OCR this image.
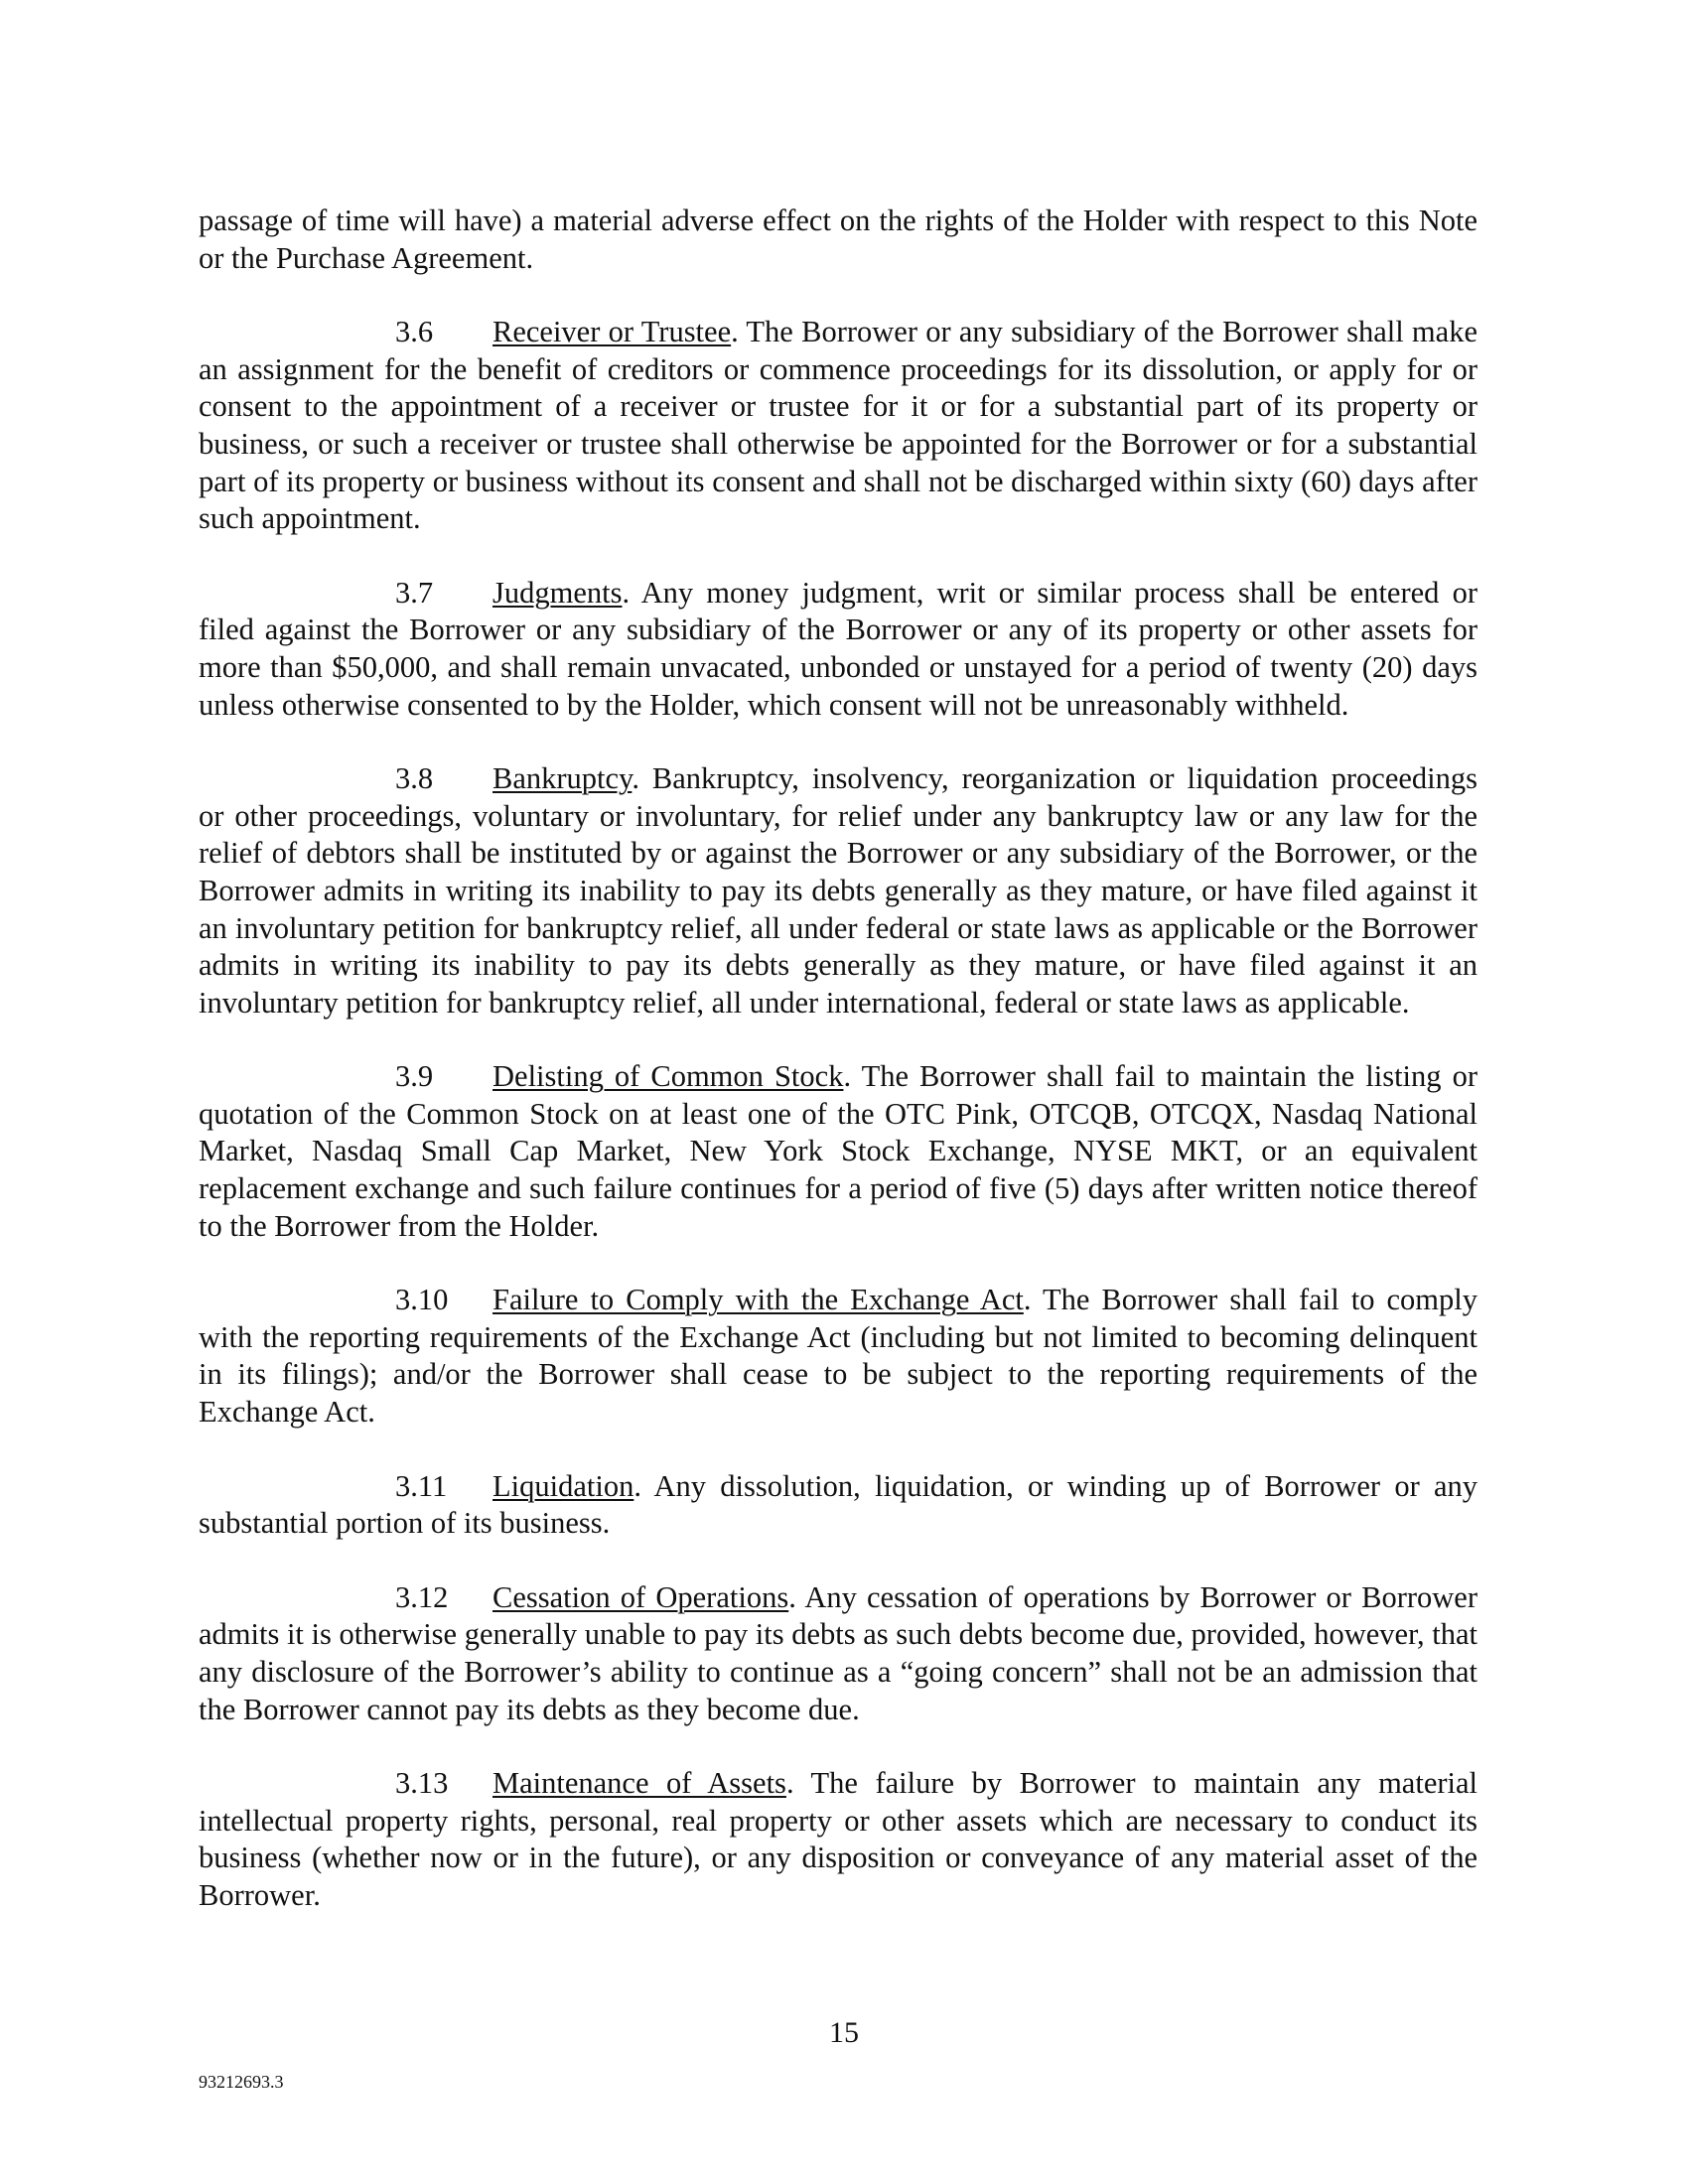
passage of time will have) a material adverse effect on the rights of the Holder with respect to this Note or the Purchase Agreement.

3.6 Receiver or Trustee. The Borrower or any subsidiary of the Borrower shall make an assignment for the benefit of creditors or commence proceedings for its dissolution, or apply for or consent to the appointment of a receiver or trustee for it or for a substantial part of its property or business, or such a receiver or trustee shall otherwise be appointed for the Borrower or for a substantial part of its property or business without its consent and shall not be discharged within sixty (60) days after such appointment.

3.7 Judgments. Any money judgment, writ or similar process shall be entered or filed against the Borrower or any subsidiary of the Borrower or any of its property or other assets for more than $50,000, and shall remain unvacated, unbonded or unstayed for a period of twenty (20) days unless otherwise consented to by the Holder, which consent will not be unreasonably withheld.

3.8 Bankruptcy. Bankruptcy, insolvency, reorganization or liquidation proceedings or other proceedings, voluntary or involuntary, for relief under any bankruptcy law or any law for the relief of debtors shall be instituted by or against the Borrower or any subsidiary of the Borrower, or the Borrower admits in writing its inability to pay its debts generally as they mature, or have filed against it an involuntary petition for bankruptcy relief, all under federal or state laws as applicable or the Borrower admits in writing its inability to pay its debts generally as they mature, or have filed against it an involuntary petition for bankruptcy relief, all under international, federal or state laws as applicable.

3.9 Delisting of Common Stock. The Borrower shall fail to maintain the listing or quotation of the Common Stock on at least one of the OTC Pink, OTCQB, OTCQX, Nasdaq National Market, Nasdaq Small Cap Market, New York Stock Exchange, NYSE MKT, or an equivalent replacement exchange and such failure continues for a period of five (5) days after written notice thereof to the Borrower from the Holder.

3.10 Failure to Comply with the Exchange Act. The Borrower shall fail to comply with the reporting requirements of the Exchange Act (including but not limited to becoming delinquent in its filings); and/or the Borrower shall cease to be subject to the reporting requirements of the Exchange Act.

3.11 Liquidation. Any dissolution, liquidation, or winding up of Borrower or any substantial portion of its business.

3.12 Cessation of Operations. Any cessation of operations by Borrower or Borrower admits it is otherwise generally unable to pay its debts as such debts become due, provided, however, that any disclosure of the Borrower’s ability to continue as a “going concern” shall not be an admission that the Borrower cannot pay its debts as they become due.

3.13 Maintenance of Assets. The failure by Borrower to maintain any material intellectual property rights, personal, real property or other assets which are necessary to conduct its business (whether now or in the future), or any disposition or conveyance of any material asset of the Borrower.

15
93212693.3
